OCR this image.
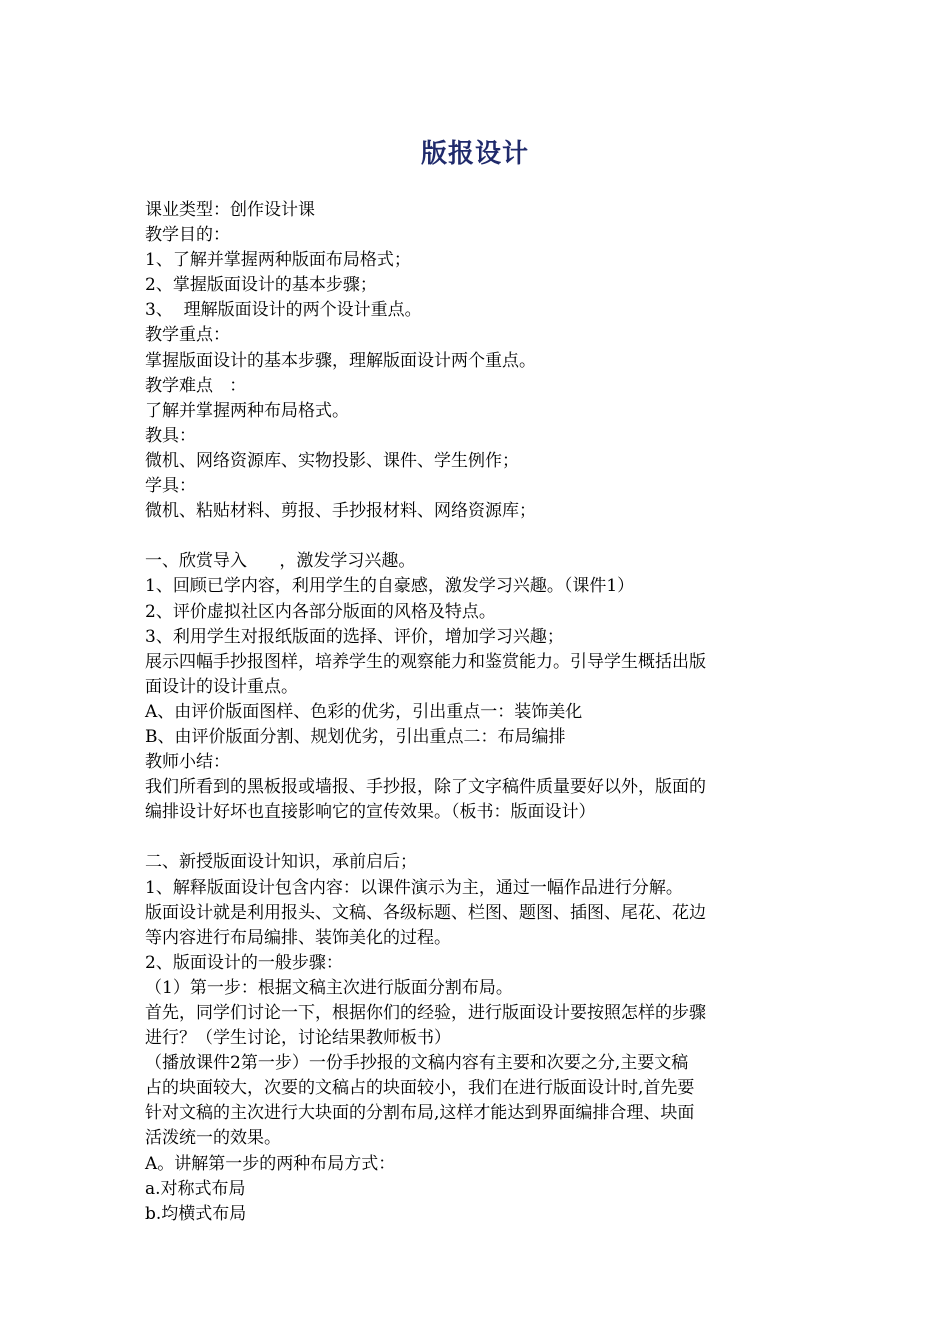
版报设计
课业类型：创作设计课
教学目的：
1、了解并掌握两种版面布局格式；
2、掌握版面设计的基本步骤；
3、  理解版面设计的两个设计重点。
教学重点：
掌握版面设计的基本步骤，理解版面设计两个重点。
教学难点   ：
了解并掌握两种布局格式。
教具：
微机、网络资源库、实物投影、课件、学生例作；
学具：
微机、粘贴材料、剪报、手抄报材料、网络资源库；
一、欣赏导入      ，激发学习兴趣。
1、回顾已学内容，利用学生的自豪感，激发学习兴趣。（课件1）
2、评价虚拟社区内各部分版面的风格及特点。
3、利用学生对报纸版面的选择、评价，增加学习兴趣；
展示四幅手抄报图样，培养学生的观察能力和鉴赏能力。引导学生概括出版
面设计的设计重点。
A、由评价版面图样、色彩的优劣，引出重点一：装饰美化
B、由评价版面分割、规划优劣，引出重点二：布局编排
教师小结：
我们所看到的黑板报或墙报、手抄报，除了文字稿件质量要好以外，版面的
编排设计好坏也直接影响它的宣传效果。（板书：版面设计）
二、新授版面设计知识，承前启后；
1、解释版面设计包含内容：以课件演示为主，通过一幅作品进行分解。
版面设计就是利用报头、文稿、各级标题、栏图、题图、插图、尾花、花边
等内容进行布局编排、装饰美化的过程。
2、版面设计的一般步骤：
（1）第一步：根据文稿主次进行版面分割布局。
首先，同学们讨论一下，根据你们的经验，进行版面设计要按照怎样的步骤
进行？（学生讨论，讨论结果教师板书）
（播放课件2第一步）一份手抄报的文稿内容有主要和次要之分,主要文稿
占的块面较大，次要的文稿占的块面较小，我们在进行版面设计时,首先要
针对文稿的主次进行大块面的分割布局,这样才能达到界面编排合理、块面
活泼统一的效果。
A。讲解第一步的两种布局方式：
a.对称式布局
b.均横式布局
